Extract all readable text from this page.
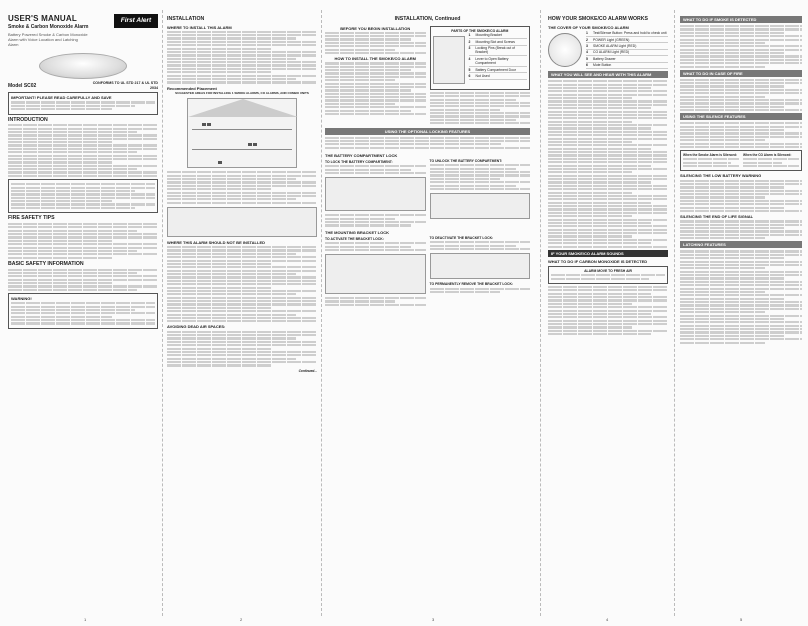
First Alert
USER'S MANUAL
Smoke & Carbon Monoxide Alarm
Battery Powered Smoke & Carbon Monoxide Alarm with Voice Location and Latching Alarm
Model SC02	CONFORMS TO UL STD 217 & UL STD 2034
IMPORTANT! PLEASE READ CAREFULLY AND SAVE
INTRODUCTION
FIRE SAFETY TIPS
BASIC SAFETY INFORMATION
WARNING!
INSTALLATION
WHERE TO INSTALL THIS ALARM
Recommended Placement
SUGGESTED AREAS FOR INSTALLING 1 SMOKE ALARMS, CO ALARMS, AND COMBO UNITS
WHERE THIS ALARM SHOULD NOT BE INSTALLED
AVOIDING DEAD AIR SPACES:
Continued...
INSTALLATION, Continued
BEFORE YOU BEGIN INSTALLATION
HOW TO INSTALL THE SMOKE/CO ALARM
PARTS OF THE SMOKE/CO ALARM
1	Mounting Bracket
2	Mounting Slot and Screws
3	Locking Pins (Break out of Bracket)
4	Lever to Open Battery Compartment
5	Battery Compartment Door
6	Not Used
USING THE OPTIONAL LOCKING FEATURES
THE BATTERY COMPARTMENT LOCK
TO LOCK THE BATTERY COMPARTMENT:	TO UNLOCK THE BATTERY COMPARTMENT:
THE MOUNTING BRACKET LOCK
TO ACTIVATE THE BRACKET LOCK:	TO DEACTIVATE THE BRACKET LOCK:
TO PERMANENTLY REMOVE THE BRACKET LOCK:
HOW YOUR SMOKE/CO ALARM WORKS
THE COVER OF YOUR SMOKE/CO ALARM
1	Test/Silence Button: Press and hold to check unit
2	POWER Light (GREEN)
3	SMOKE ALARM Light (RED)
4	CO ALARM Light (RED)
5	Battery Drawer
6	Mute Button
WHAT YOU WILL SEE AND HEAR WITH THIS ALARM
IF YOUR SMOKE/CO ALARM SOUNDS
WHAT TO DO IF CARBON MONOXIDE IS DETECTED
ALARM MOVE TO FRESH AIR
WHAT TO DO IF SMOKE IS DETECTED
WHAT TO DO IN CASE OF FIRE
USING THE SILENCE FEATURES
When the Smoke Alarm is Silenced:	When the CO Alarm is Silenced:
SILENCING THE LOW BATTERY WARNING
SILENCING THE END OF LIFE SIGNAL
LATCHING FEATURES
1	2	3	4	5
